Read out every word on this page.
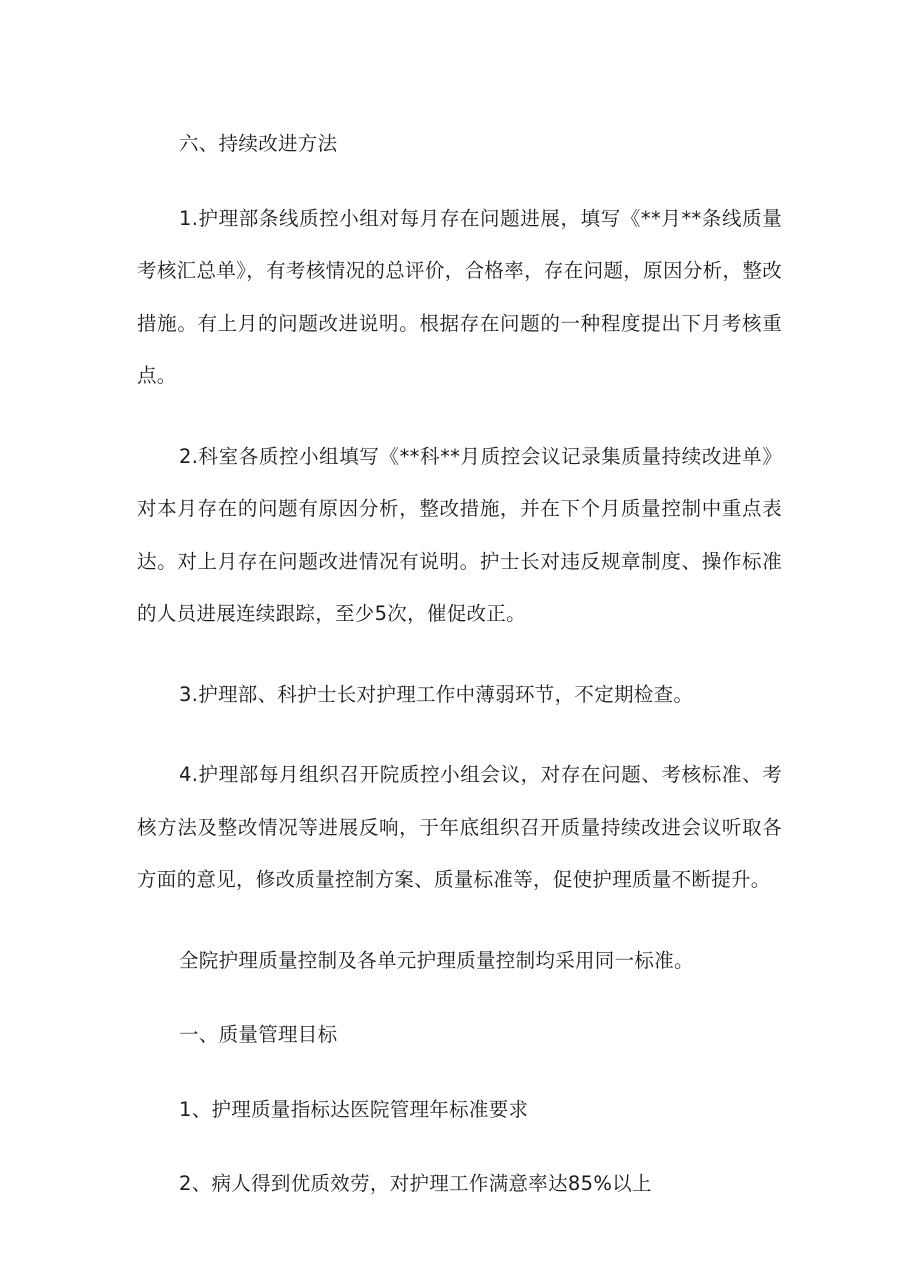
六、持续改进方法

1.护理部条线质控小组对每月存在问题进展，填写《**月**条线质量考核汇总单》，有考核情况的总评价，合格率，存在问题，原因分析，整改措施。有上月的问题改进说明。根据存在问题的一种程度提出下月考核重点。

2.科室各质控小组填写《**科**月质控会议记录集质量持续改进单》对本月存在的问题有原因分析，整改措施，并在下个月质量控制中重点表达。对上月存在问题改进情况有说明。护士长对违反规章制度、操作标准的人员进展连续跟踪，至少5次，催促改正。

3.护理部、科护士长对护理工作中薄弱环节，不定期检查。

4.护理部每月组织召开院质控小组会议，对存在问题、考核标准、考核方法及整改情况等进展反响，于年底组织召开质量持续改进会议听取各方面的意见，修改质量控制方案、质量标准等，促使护理质量不断提升。

全院护理质量控制及各单元护理质量控制均采用同一标准。

一、质量管理目标

1、护理质量指标达医院管理年标准要求

2、病人得到优质效劳，对护理工作满意率达85%以上
